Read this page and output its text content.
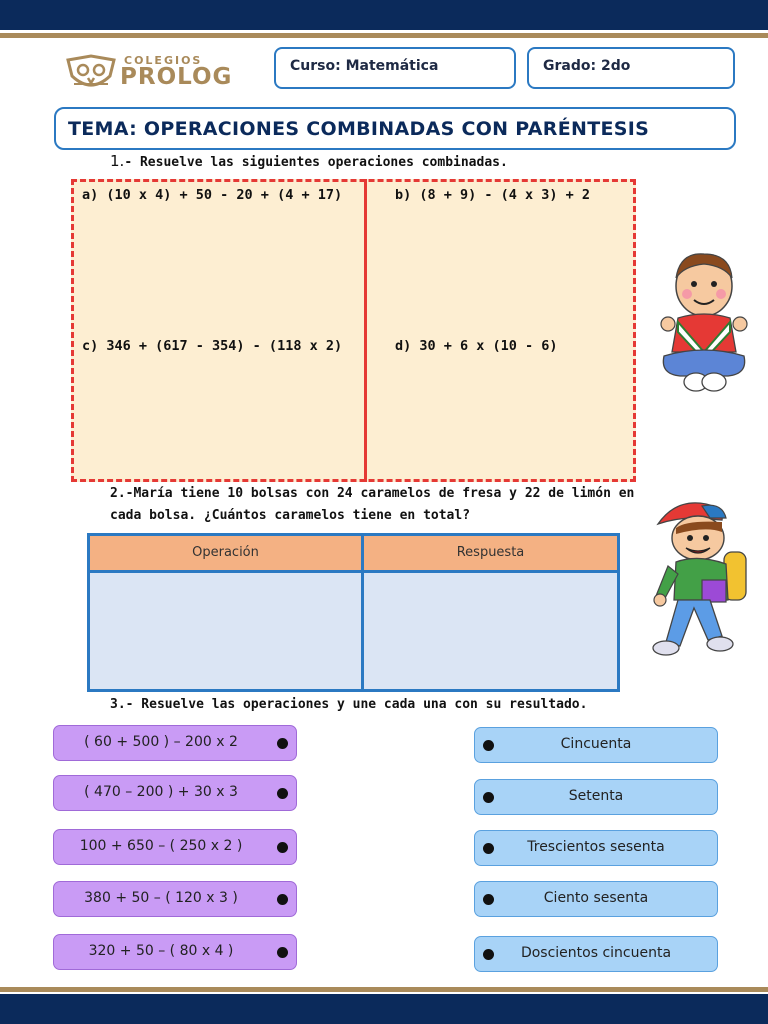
COLEGIOS
PROLOG	Curso: Matemática	Grado: 2do
TEMA: OPERACIONES COMBINADAS CON PARÉNTESIS
1.- Resuelve las siguientes operaciones combinadas.
a) (10 x 4) + 50 - 20 + (4 + 17)	b) (8 + 9) - (4 x 3) + 2
c) 346 + (617 - 354) - (118 x 2)	d) 30 + 6 x (10 - 6)
2.-María tiene 10 bolsas con 24 caramelos de fresa y 22 de limón en
cada bolsa. ¿Cuántos caramelos tiene en total?
Operación	Respuesta
3.- Resuelve las operaciones y une cada una con su resultado.
( 60 + 500 ) – 200 x 2
( 470 – 200 ) + 30 x 3
100 + 650 – ( 250 x 2 )
380 + 50 – ( 120 x 3 )
320 + 50 – ( 80 x 4 )
Cincuenta
Setenta
Trescientos sesenta
Ciento sesenta
Doscientos cincuenta
